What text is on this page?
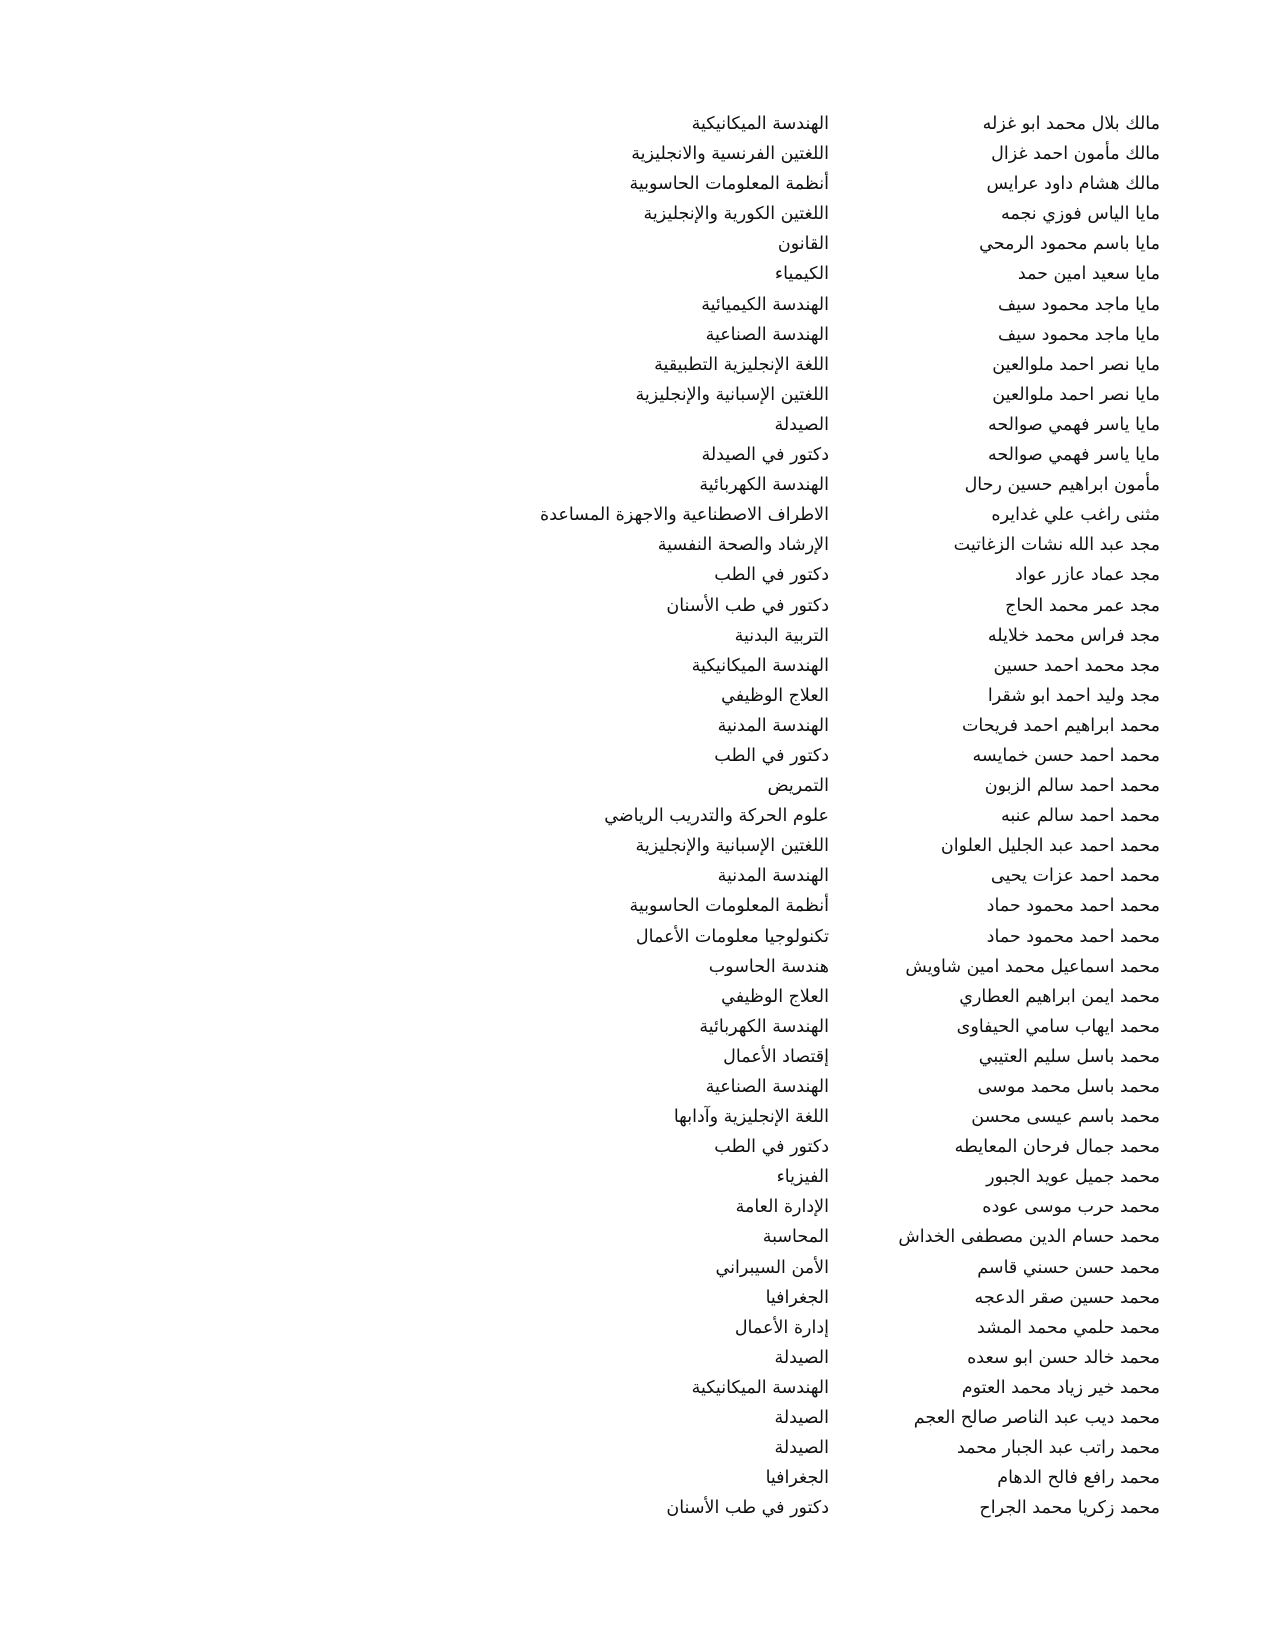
مالك بلال محمد ابو غزله
الهندسة الميكانيكية
مالك مأمون احمد غزال
اللغتين الفرنسية والانجليزية
مالك هشام داود عرايس
أنظمة المعلومات الحاسوبية
مايا الياس فوزي نجمه
اللغتين الكورية والإنجليزية
مايا باسم محمود الرمحي
القانون
مايا سعيد امين حمد
الكيمياء
مايا ماجد محمود سيف
الهندسة الكيميائية
مايا ماجد محمود سيف
الهندسة الصناعية
مايا نصر احمد ملوالعين
اللغة الإنجليزية التطبيقية
مايا نصر احمد ملوالعين
اللغتين الإسبانية والإنجليزية
مايا ياسر فهمي صوالحه
الصيدلة
مايا ياسر فهمي صوالحه
دكتور في الصيدلة
مأمون ابراهيم حسين رحال
الهندسة الكهربائية
مثنى راغب علي غدايره
الاطراف الاصطناعية والاجهزة المساعدة
مجد عبد الله نشات الزغاتيت
الإرشاد والصحة النفسية
مجد عماد عازر عواد
دكتور في الطب
مجد عمر محمد الحاج
دكتور في طب الأسنان
مجد فراس محمد خلايله
التربية البدنية
مجد محمد احمد حسين
الهندسة الميكانيكية
مجد وليد احمد ابو شقرا
العلاج الوظيفي
محمد ابراهيم احمد فريحات
الهندسة المدنية
محمد احمد حسن خمايسه
دكتور في الطب
محمد احمد سالم الزبون
التمريض
محمد احمد سالم عنبه
علوم الحركة والتدريب الرياضي
محمد احمد عبد الجليل العلوان
اللغتين الإسبانية والإنجليزية
محمد احمد عزات يحيى
الهندسة المدنية
محمد احمد محمود حماد
أنظمة المعلومات الحاسوبية
محمد احمد محمود حماد
تكنولوجيا معلومات الأعمال
محمد اسماعيل محمد امين شاويش
هندسة الحاسوب
محمد ايمن ابراهيم العطاري
العلاج الوظيفي
محمد ايهاب سامي الحيفاوى
الهندسة الكهربائية
محمد باسل سليم العتيبي
إقتصاد الأعمال
محمد باسل محمد موسى
الهندسة الصناعية
محمد باسم عيسى محسن
اللغة الإنجليزية وآدابها
محمد جمال فرحان المعايطه
دكتور في الطب
محمد جميل عويد الجبور
الفيزياء
محمد حرب موسى عوده
الإدارة العامة
محمد حسام الدين مصطفى الخداش
المحاسبة
محمد حسن حسني قاسم
الأمن السيبراني
محمد حسين صقر الدعجه
الجغرافيا
محمد حلمي محمد المشد
إدارة الأعمال
محمد خالد حسن ابو سعده
الصيدلة
محمد خير زياد محمد العتوم
الهندسة الميكانيكية
محمد ديب عبد الناصر صالح العجم
الصيدلة
محمد راتب عبد الجبار محمد
الصيدلة
محمد رافع فالح الدهام
الجغرافيا
محمد زكريا محمد الجراح
دكتور في طب الأسنان
